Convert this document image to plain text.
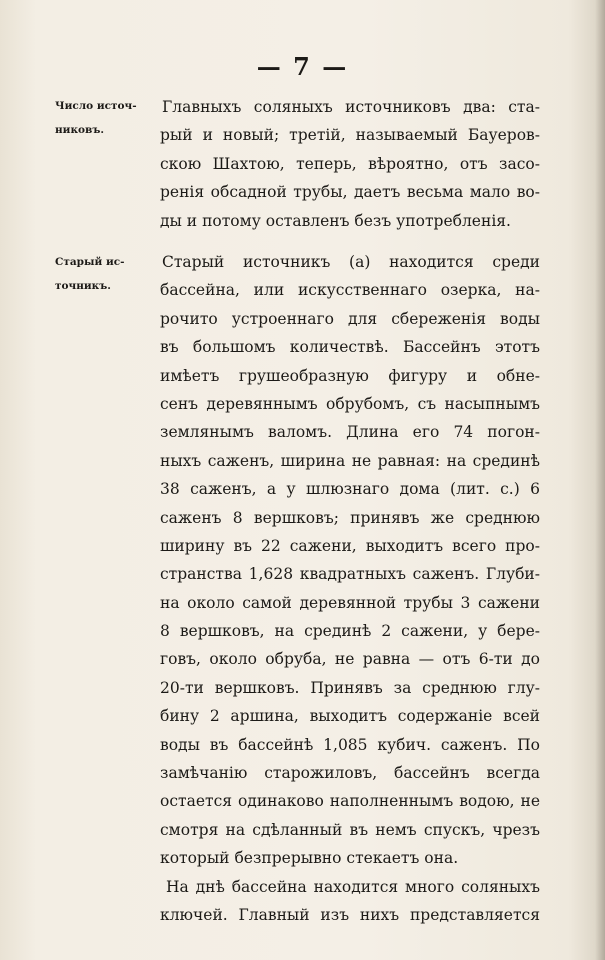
— 7 —
Число источ-
никовъ.
Главныхъ соляныхъ источниковъ два: ста-
рый и новый; третій, называемый Бауеров-
скою Шахтою, теперь, вѣроятно, отъ засо-
ренія обсадной трубы, даетъ весьма мало во-
ды и потому оставленъ безъ употребленія.
Старый ис-
точникъ.
Старый источникъ (а) находится среди
бассейна, или искусственнаго озерка, на-
рочито устроеннаго для сбереженія воды
въ большомъ количествѣ. Бассейнъ этотъ
имѣетъ грушеобразную фигуру и обне-
сенъ деревяннымъ обрубомъ, съ насыпнымъ
землянымъ валомъ. Длина его 74 погон-
ныхъ саженъ, ширина не равная: на срединѣ
38 саженъ, а у шлюзнаго дома (лит. с.) 6
саженъ 8 вершковъ; принявъ же среднюю
ширину въ 22 сажени, выходитъ всего про-
странства 1,628 квадратныхъ саженъ. Глуби-
на около самой деревянной трубы 3 сажени
8 вершковъ, на срединѣ 2 сажени, у бере-
говъ, около обруба, не равна — отъ 6-ти до
20-ти вершковъ. Принявъ за среднюю глу-
бину 2 аршина, выходитъ содержаніе всей
воды въ бассейнѣ 1,085 кубич. саженъ. По
замѣчанію старожиловъ, бассейнъ всегда
остается одинаково наполненнымъ водою, не
смотря на сдѣланный въ немъ спускъ, чрезъ
который безпрерывно стекаетъ она.
На днѣ бассейна находится много соляныхъ
ключей. Главный изъ нихъ представляется
